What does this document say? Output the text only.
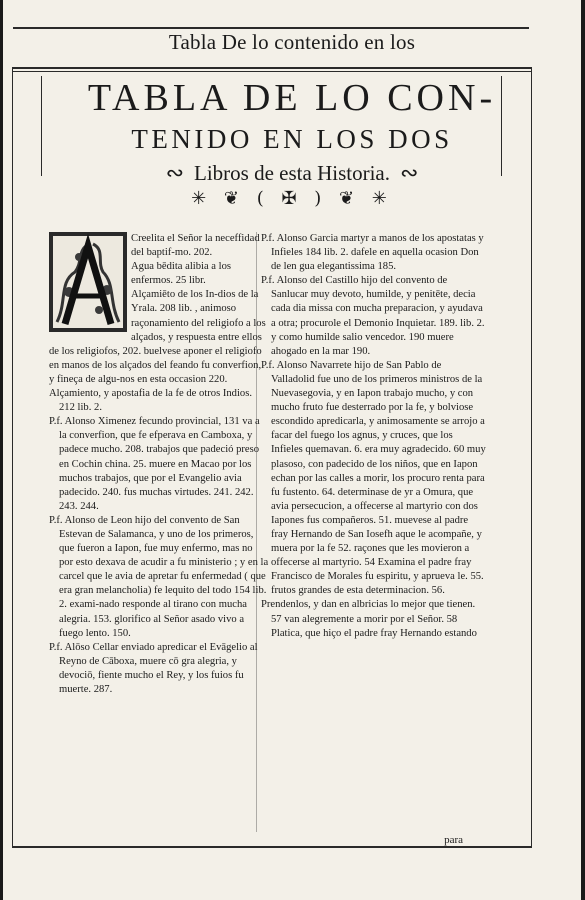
Tabla De lo contenido en los
TABLA DE LO CON-
TENIDO EN LOS DOS
∾ Libros de esta Historia. ∾
✳ ❦ ( ✠ ) ❦ ✳

Creelita el Señor la neceffidad del baptif-mo. 202.

Agua bēdita alibia a los enfermos. 25 libr.

Alçamiēto de los In-dios de la Yrala. 208 lib. , animoso raçonamiento del religiofo a los alçados, y respuesta entre ellos de los religiofos, 202. buelvese aponer el religiofo en manos de los alçados del feando fu converfion, y fineça de algu-nos en esta occasion 220.

Alçamiento, y apostafia de la fe de otros Indios. 212 lib. 2.

P.f. Alonso Ximenez fecundo provincial, 131 va a la converfion, que fe efperava en Camboxa, y padece mucho. 208. trabajos que padeció preso en Cochin china. 25. muere en Macao por los muchos trabajos, que por el Evangelio avia padecido. 240. fus muchas virtudes. 241. 242. 243. 244.

P.f. Alonso de Leon hijo del convento de San Estevan de Salamanca, y uno de los primeros, que fueron a Iapon, fue muy enfermo, mas no por esto dexava de acudir a fu ministerio ; y en la carcel que le avia de apretar fu enfermedad ( que era gran melancholia) fe lequito del todo 154 lib. 2. exami-nado responde al tirano con mucha alegria. 153. glorifico al Señor asado vivo a fuego lento. 150.

P.f. Alōso Cellar enviado apredicar el Evāgelio al Reyno de Cāboxa, muere cō gra alegria, y devociō, fiente mucho el Rey, y los fuios fu muerte. 287.

P.f. Alonso Garcia martyr a manos de los apostatas y Infieles 184 lib. 2. dafele en aquella ocasion Don de len gua elegantissima 185.

P.f. Alonso del Castillo hijo del convento de Sanlucar muy devoto, humilde, y penitēte, decia cada dia missa con mucha preparacion, y ayudava a otra; procurole el Demonio Inquietar. 189. lib. 2. y como humilde salio vencedor. 190 muere ahogado en la mar 190.

P.f. Alonso Navarrete hijo de San Pablo de Valladolid fue uno de los primeros ministros de la Nuevasegovia, y en Iapon trabajo mucho, y con mucho fruto fue desterrado por la fe, y bolviose escondido apredicarla, y animosamente se arrojo a facar del fuego los agnus, y cruces, que los Infieles quemavan. 6. era muy agradecido. 60 muy plasoso, con padecido de los niños, que en Iapon echan por las calles a morir, los procuro renta para fu fustento. 64. determinase de yr a Omura, que avia persecucion, a offecerse al martyrio con dos Iapones fus compañeros. 51. muevese al padre fray Hernando de San Iosefh aque le acompañe, y muera por la fe 52. raçones que les movieron a offecerse al martyrio. 54 Examina el padre fray Francisco de Morales fu espiritu, y aprueva le. 55. frutos grandes de esta determinacion. 56.

Prendenlos, y dan en albricias lo mejor que tienen. 57 van alegremente a morir por el Señor. 58 Platica, que hiço el padre fray Hernando estando

para
